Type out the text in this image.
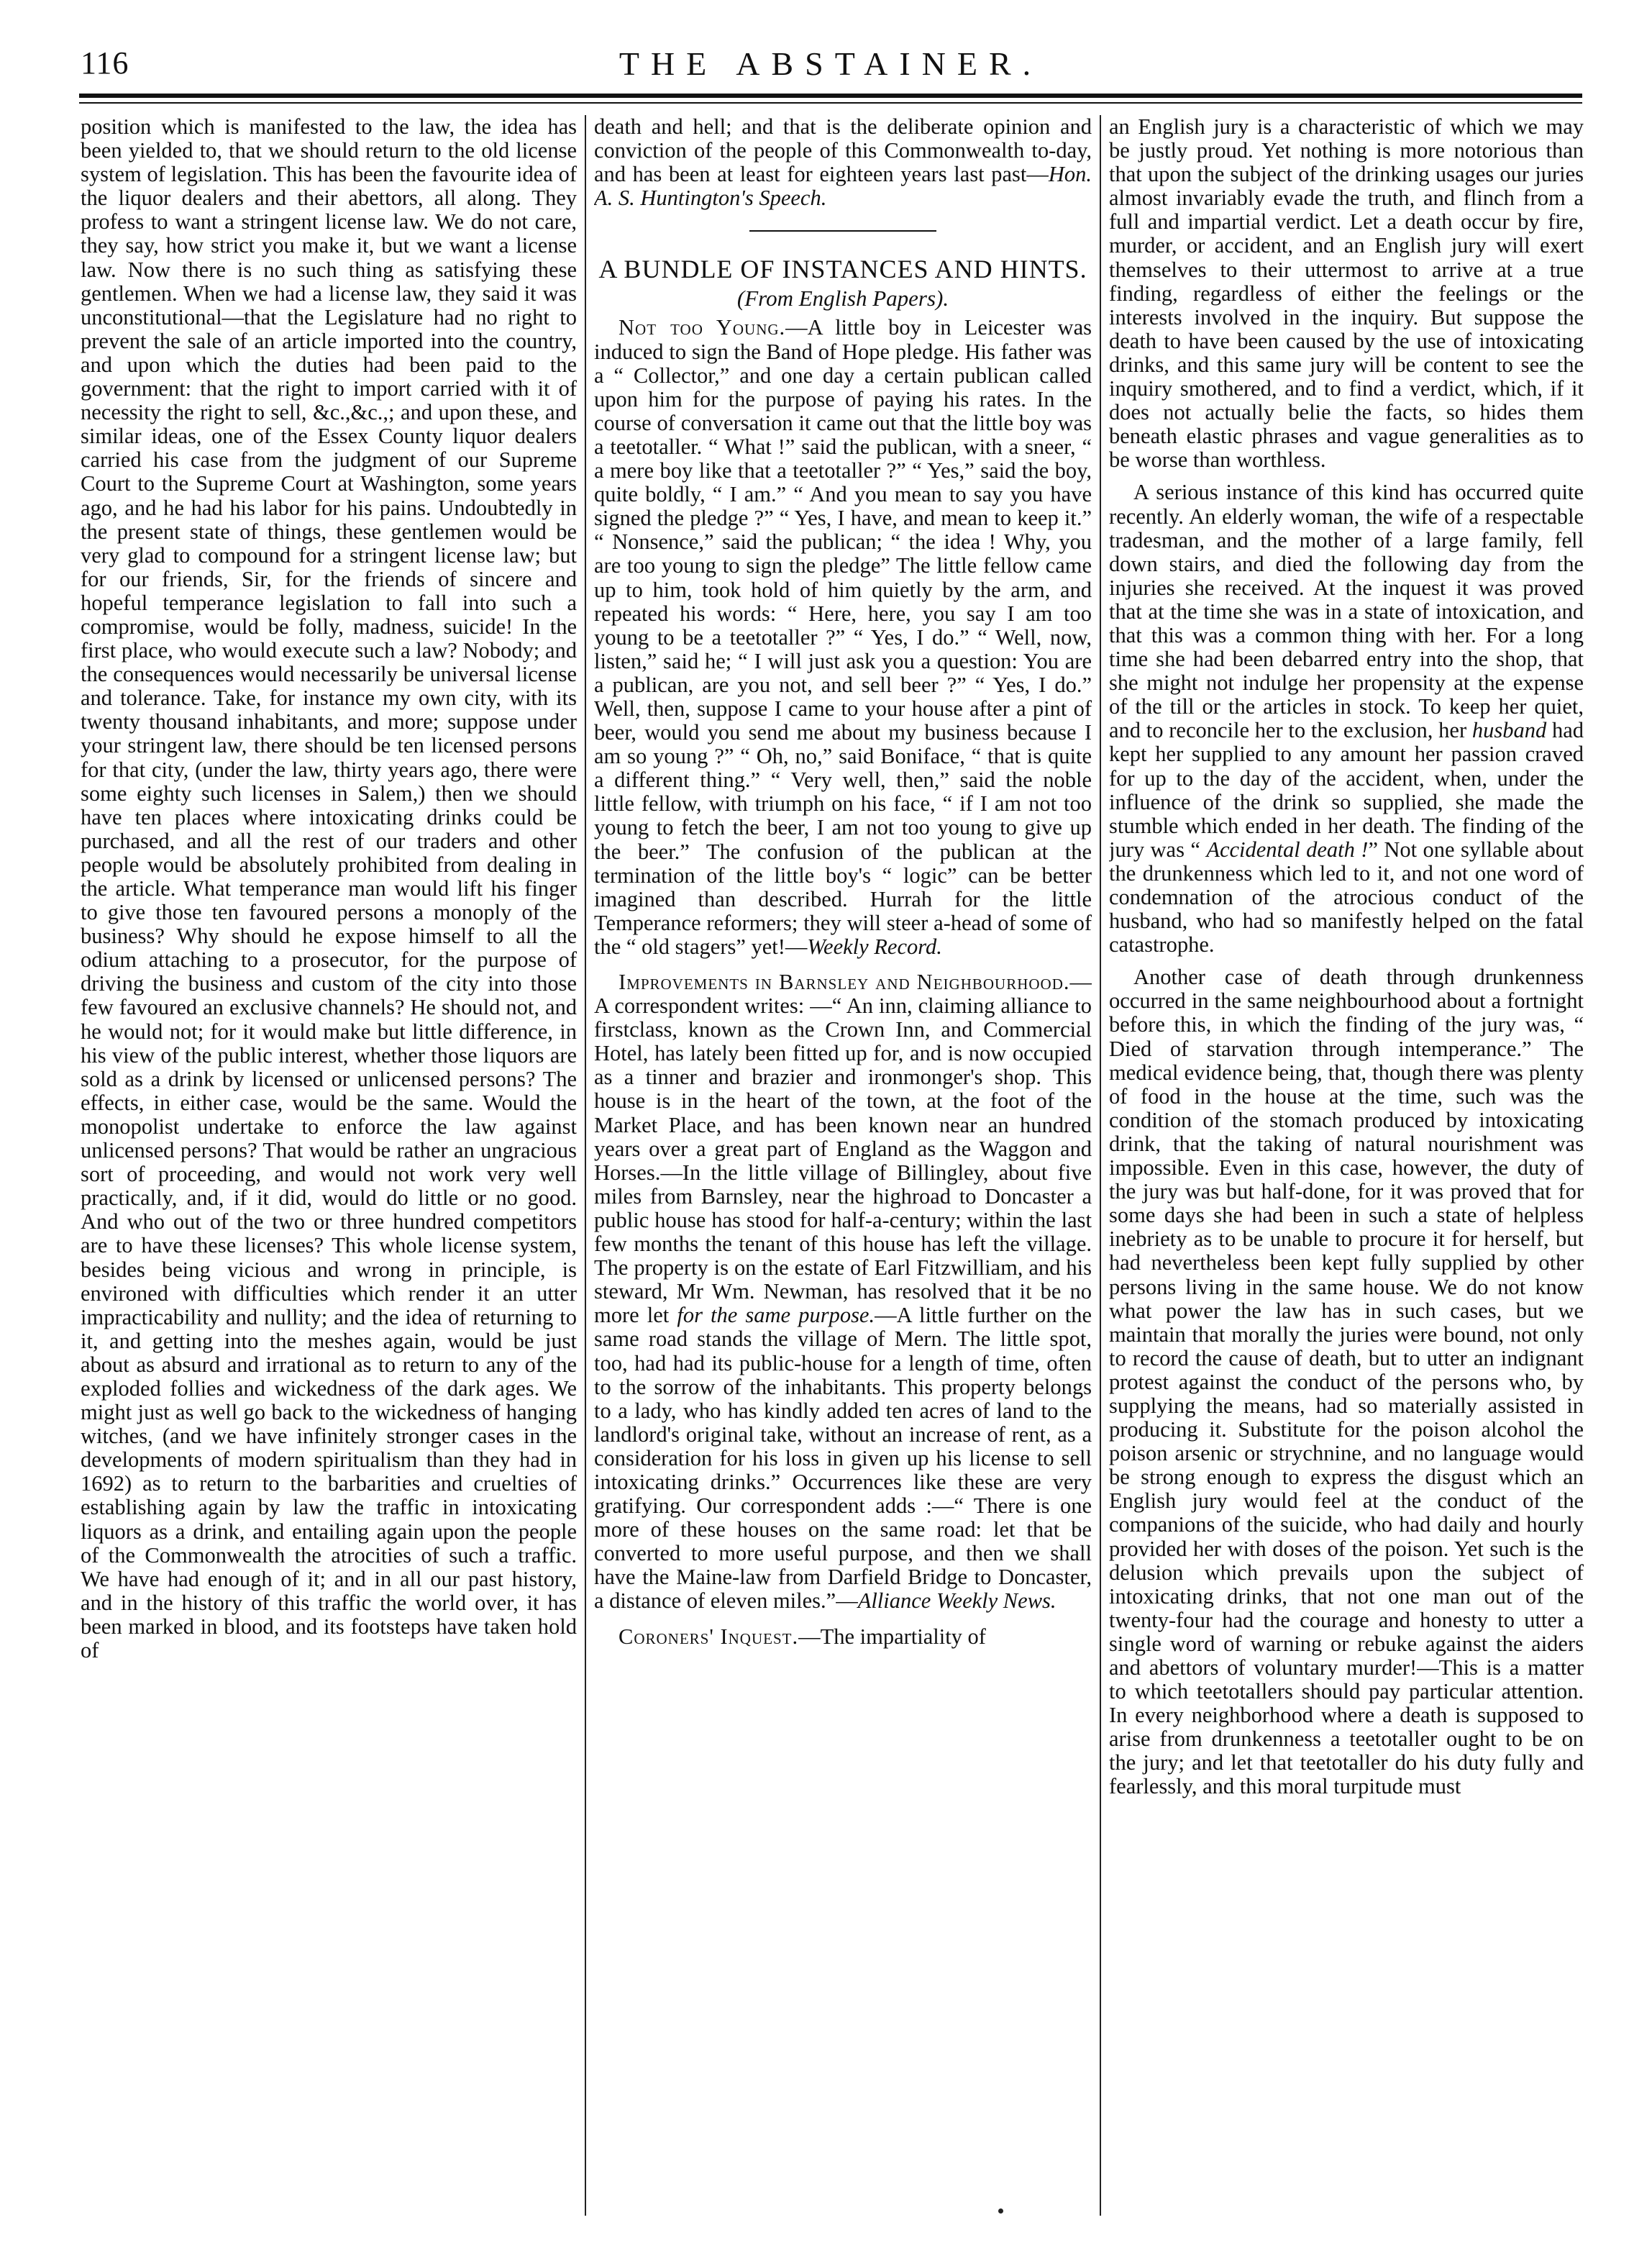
116	THE ABSTAINER.

position which is manifested to the law, the idea has been yielded to, that we should return to the old license system of legislation. This has been the favourite idea of the liquor dealers and their abettors, all along. They profess to want a stringent license law. We do not care, they say, how strict you make it, but we want a license law. Now there is no such thing as satisfying these gentlemen. When we had a license law, they said it was unconstitutional—that the Legislature had no right to prevent the sale of an article imported into the country, and upon which the duties had been paid to the government: that the right to import carried with it of necessity the right to sell, &c.,&c.,; and upon these, and similar ideas, one of the Essex County liquor dealers carried his case from the judgment of our Supreme Court to the Supreme Court at Washington, some years ago, and he had his labor for his pains. Undoubtedly in the present state of things, these gentlemen would be very glad to compound for a stringent license law; but for our friends, Sir, for the friends of sincere and hopeful temperance legislation to fall into such a compromise, would be folly, madness, suicide! In the first place, who would execute such a law? Nobody; and the consequences would necessarily be universal license and tolerance. Take, for instance my own city, with its twenty thousand inhabitants, and more; suppose under your stringent law, there should be ten licensed persons for that city, (under the law, thirty years ago, there were some eighty such licenses in Salem,) then we should have ten places where intoxicating drinks could be purchased, and all the rest of our traders and other people would be absolutely prohibited from dealing in the article. What temperance man would lift his finger to give those ten favoured persons a monoply of the business? Why should he expose himself to all the odium attaching to a prosecutor, for the purpose of driving the business and custom of the city into those few favoured an exclusive channels? He should not, and he would not; for it would make but little difference, in his view of the public interest, whether those liquors are sold as a drink by licensed or unlicensed persons? The effects, in either case, would be the same. Would the monopolist undertake to enforce the law against unlicensed persons? That would be rather an ungracious sort of proceeding, and would not work very well practically, and, if it did, would do little or no good. And who out of the two or three hundred competitors are to have these licenses? This whole license system, besides being vicious and wrong in principle, is environed with difficulties which render it an utter impracticability and nullity; and the idea of returning to it, and getting into the meshes again, would be just about as absurd and irrational as to return to any of the exploded follies and wickedness of the dark ages. We might just as well go back to the wickedness of hanging witches, (and we have infinitely stronger cases in the developments of modern spiritualism than they had in 1692) as to return to the barbarities and cruelties of establishing again by law the traffic in intoxicating liquors as a drink, and entailing again upon the people of the Commonwealth the atrocities of such a traffic. We have had enough of it; and in all our past history, and in the history of this traffic the world over, it has been marked in blood, and its footsteps have taken hold of

death and hell; and that is the deliberate opinion and conviction of the people of this Commonwealth to-day, and has been at least for eighteen years last past—Hon. A. S. Huntington's Speech.

A BUNDLE OF INSTANCES AND HINTS.
(From English Papers).

Not too Young.—A little boy in Leicester was induced to sign the Band of Hope pledge. His father was a “ Collector,” and one day a certain publican called upon him for the purpose of paying his rates. In the course of conversation it came out that the little boy was a teetotaller. “ What !” said the publican, with a sneer, “ a mere boy like that a teetotaller ?” “ Yes,” said the boy, quite boldly, “ I am.” “ And you mean to say you have signed the pledge ?” “ Yes, I have, and mean to keep it.” “ Nonsence,” said the publican; “ the idea ! Why, you are too young to sign the pledge” The little fellow came up to him, took hold of him quietly by the arm, and repeated his words: “ Here, here, you say I am too young to be a teetotaller ?” “ Yes, I do.” “ Well, now, listen,” said he; “ I will just ask you a question: You are a publican, are you not, and sell beer ?” “ Yes, I do.” Well, then, suppose I came to your house after a pint of beer, would you send me about my business because I am so young ?” “ Oh, no,” said Boniface, “ that is quite a different thing.” “ Very well, then,” said the noble little fellow, with triumph on his face, “ if I am not too young to fetch the beer, I am not too young to give up the beer.” The confusion of the publican at the termination of the little boy's “ logic” can be better imagined than described. Hurrah for the little Temperance reformers; they will steer a-head of some of the “ old stagers” yet!—Weekly Record.

Improvements in Barnsley and Neighbourhood.—A correspondent writes: —“ An inn, claiming alliance to firstclass, known as the Crown Inn, and Commercial Hotel, has lately been fitted up for, and is now occupied as a tinner and brazier and ironmonger's shop. This house is in the heart of the town, at the foot of the Market Place, and has been known near an hundred years over a great part of England as the Waggon and Horses.—In the little village of Billingley, about five miles from Barnsley, near the highroad to Doncaster a public house has stood for half-a-century; within the last few months the tenant of this house has left the village. The property is on the estate of Earl Fitzwilliam, and his steward, Mr Wm. Newman, has resolved that it be no more let for the same purpose.—A little further on the same road stands the village of Mern. The little spot, too, had had its public-house for a length of time, often to the sorrow of the inhabitants. This property belongs to a lady, who has kindly added ten acres of land to the landlord's original take, without an increase of rent, as a consideration for his loss in given up his license to sell intoxicating drinks.” Occurrences like these are very gratifying. Our correspondent adds :—“ There is one more of these houses on the same road: let that be converted to more useful purpose, and then we shall have the Maine-law from Darfield Bridge to Doncaster, a distance of eleven miles.”—Alliance Weekly News.

Coroners' Inquest.—The impartiality of

an English jury is a characteristic of which we may be justly proud. Yet nothing is more notorious than that upon the subject of the drinking usages our juries almost invariably evade the truth, and flinch from a full and impartial verdict. Let a death occur by fire, murder, or accident, and an English jury will exert themselves to their uttermost to arrive at a true finding, regardless of either the feelings or the interests involved in the inquiry. But suppose the death to have been caused by the use of intoxicating drinks, and this same jury will be content to see the inquiry smothered, and to find a verdict, which, if it does not actually belie the facts, so hides them beneath elastic phrases and vague generalities as to be worse than worthless.

A serious instance of this kind has occurred quite recently. An elderly woman, the wife of a respectable tradesman, and the mother of a large family, fell down stairs, and died the following day from the injuries she received. At the inquest it was proved that at the time she was in a state of intoxication, and that this was a common thing with her. For a long time she had been debarred entry into the shop, that she might not indulge her propensity at the expense of the till or the articles in stock. To keep her quiet, and to reconcile her to the exclusion, her husband had kept her supplied to any amount her passion craved for up to the day of the accident, when, under the influence of the drink so supplied, she made the stumble which ended in her death. The finding of the jury was “ Accidental death !” Not one syllable about the drunkenness which led to it, and not one word of condemnation of the atrocious conduct of the husband, who had so manifestly helped on the fatal catastrophe.

Another case of death through drunkenness occurred in the same neighbourhood about a fortnight before this, in which the finding of the jury was, “ Died of starvation through intemperance.” The medical evidence being, that, though there was plenty of food in the house at the time, such was the condition of the stomach produced by intoxicating drink, that the taking of natural nourishment was impossible. Even in this case, however, the duty of the jury was but half-done, for it was proved that for some days she had been in such a state of helpless inebriety as to be unable to procure it for herself, but had nevertheless been kept fully supplied by other persons living in the same house. We do not know what power the law has in such cases, but we maintain that morally the juries were bound, not only to record the cause of death, but to utter an indignant protest against the conduct of the persons who, by supplying the means, had so materially assisted in producing it. Substitute for the poison alcohol the poison arsenic or strychnine, and no language would be strong enough to express the disgust which an English jury would feel at the conduct of the companions of the suicide, who had daily and hourly provided her with doses of the poison. Yet such is the delusion which prevails upon the subject of intoxicating drinks, that not one man out of the twenty-four had the courage and honesty to utter a single word of warning or rebuke against the aiders and abettors of voluntary murder!—This is a matter to which teetotallers should pay particular attention. In every neighborhood where a death is supposed to arise from drunkenness a teetotaller ought to be on the jury; and let that teetotaller do his duty fully and fearlessly, and this moral turpitude must
